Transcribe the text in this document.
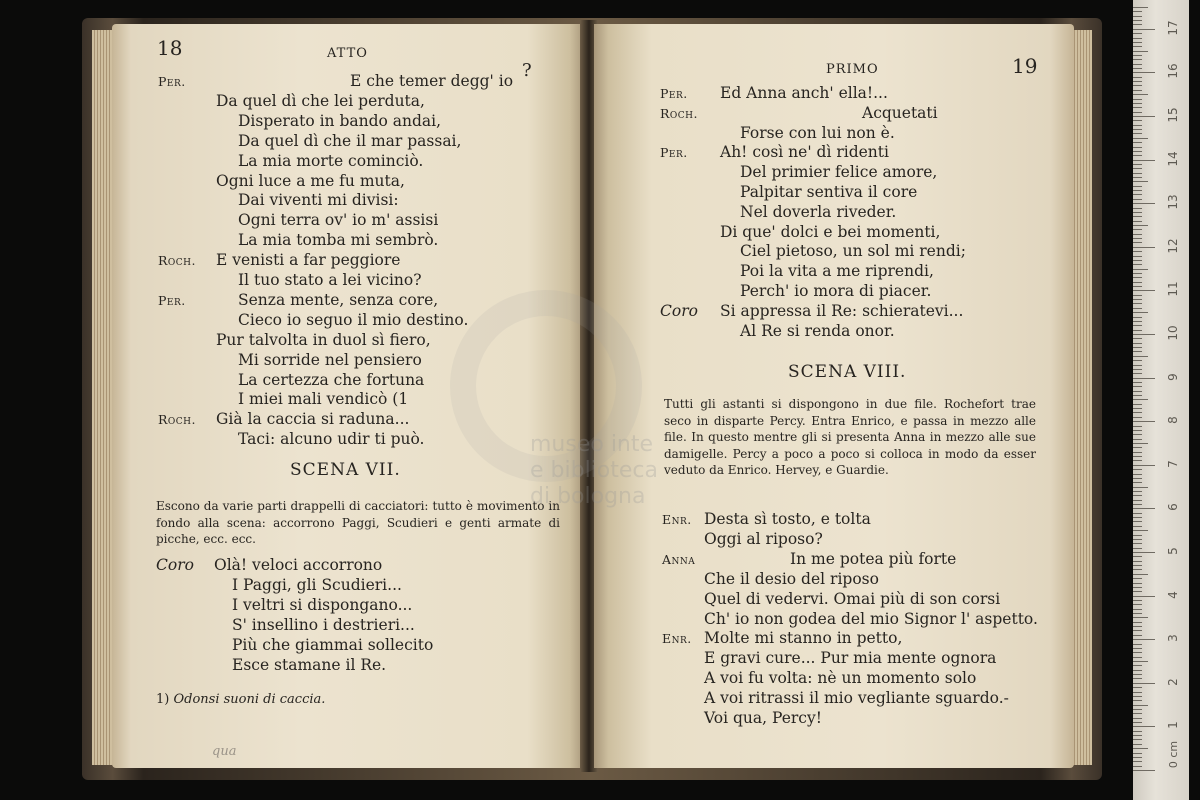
18	ATTO
?
Per.	E che temer degg' io
Da quel dì che lei perduta,
Disperato in bando andai,
Da quel dì che il mar passai,
La mia morte cominciò.
Ogni luce a me fu muta,
Dai viventi mi divisi:
Ogni terra ov' io m' assisi
La mia tomba mi sembrò.
Roch. E venisti a far peggiore
Il tuo stato a lei vicino?
Per.	Senza mente, senza core,
Cieco io seguo il mio destino.
Pur talvolta in duol sì fiero,
Mi sorride nel pensiero
La certezza che fortuna
I miei mali vendicò (1
Roch. Già la caccia si raduna...
Taci: alcuno udir ti può.
SCENA VII.
Escono da varie parti drappelli di cacciatori: tutto è movimento in fondo alla scena: accorrono Paggi, Scudieri e genti armate di picche, ecc. ecc.
Coro Olà! veloci accorrono
I Paggi, gli Scudieri...
I veltri si dispongano...
S' insellino i destrieri...
Più che giammai sollecito
Esce stamane il Re.
1) Odonsi suoni di caccia.
qua
PRIMO	19
Per. Ed Anna anch' ella!...
Roch.	Acquetati
Forse con lui non è.
Per. Ah! così ne' dì ridenti
Del primier felice amore,
Palpitar sentiva il core
Nel doverla riveder.
Di que' dolci e bei momenti,
Ciel pietoso, un sol mi rendi;
Poi la vita a me riprendi,
Perch' io mora di piacer.
Coro Si appressa il Re: schieratevi...
Al Re si renda onor.
SCENA VIII.
Tutti gli astanti si dispongono in due file. Rochefort trae seco in disparte Percy. Entra Enrico, e passa in mezzo alle file. In questo mentre gli si presenta Anna in mezzo alle sue damigelle. Percy a poco a poco si colloca in modo da esser veduto da Enrico. Hervey, e Guardie.
Enr. Desta sì tosto, e tolta
Oggi al riposo?
Anna	In me potea più forte
Che il desio del riposo
Quel di vedervi. Omai più di son corsi
Ch' io non godea del mio Signor l' aspetto.
Enr. Molte mi stanno in petto,
E gravi cure... Pur mia mente ognora
A voi fu volta: nè un momento solo
A voi ritrassi il mio vegliante sguardo.-
Voi qua, Percy!
museo inte
e biblioteca
di bologna
0 cm
1
2
3
4
5
6
7
8
9
10
11
12
13
14
15
16
17
